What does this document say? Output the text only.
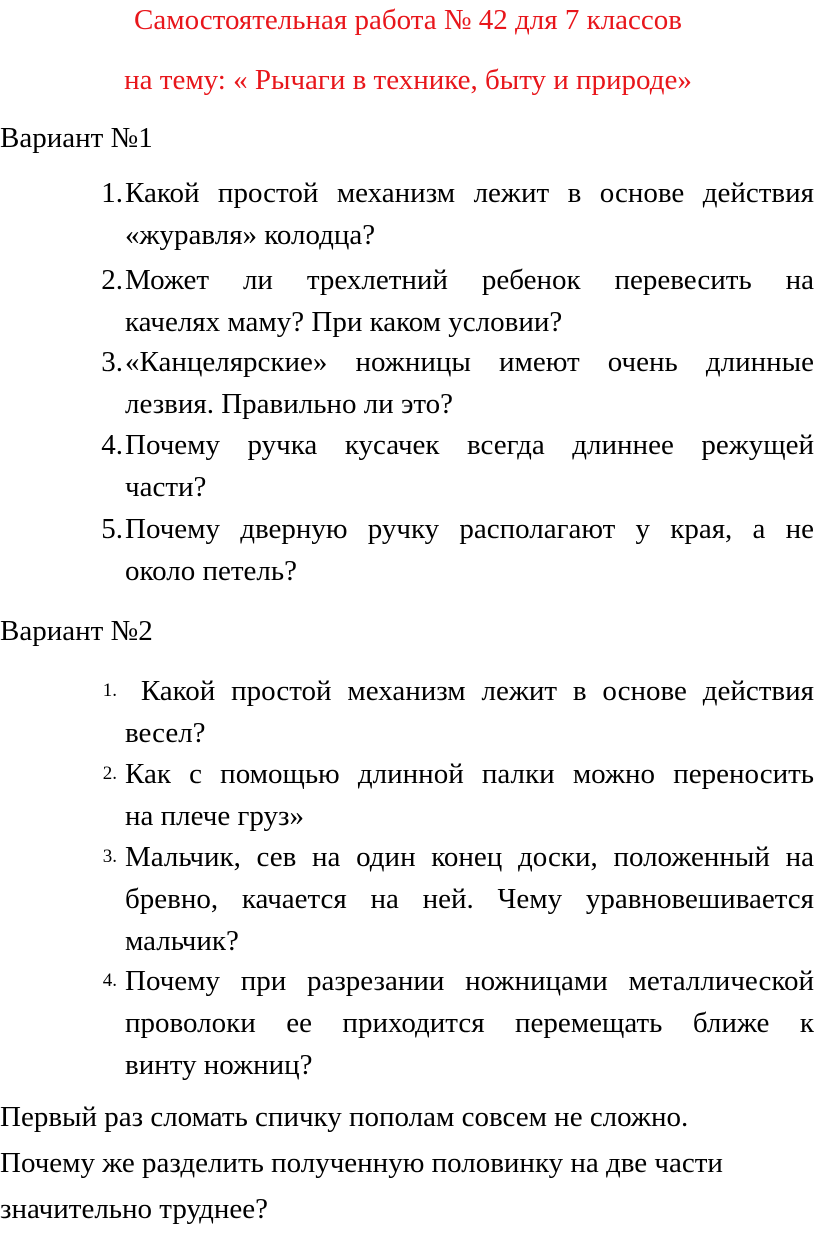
Самостоятельная работа № 42 для 7 классов
на тему: « Рычаги в технике, быту и природе»
Вариант №1
1. Какой простой механизм лежит в основе действия
«журавля» колодца?
2. Может ли трехлетний ребенок перевесить на
качелях маму? При каком условии?
3. «Канцелярские» ножницы имеют очень длинные
лезвия. Правильно ли это?
4. Почему ручка кусачек всегда длиннее режущей
части?
5. Почему дверную ручку располагают у края, а не
около петель?
Вариант №2
1. Какой простой механизм лежит в основе действия
весел?
2. Как с помощью длинной палки можно переносить
на плече груз»
3. Мальчик, сев на один конец доски, положенный на
бревно, качается на ней. Чему уравновешивается
мальчик?
4. Почему при разрезании ножницами металлической
проволоки ее приходится перемещать ближе к
винту ножниц?
Первый раз сломать спичку пополам совсем не сложно.
Почему же разделить полученную половинку на две части
значительно труднее?
